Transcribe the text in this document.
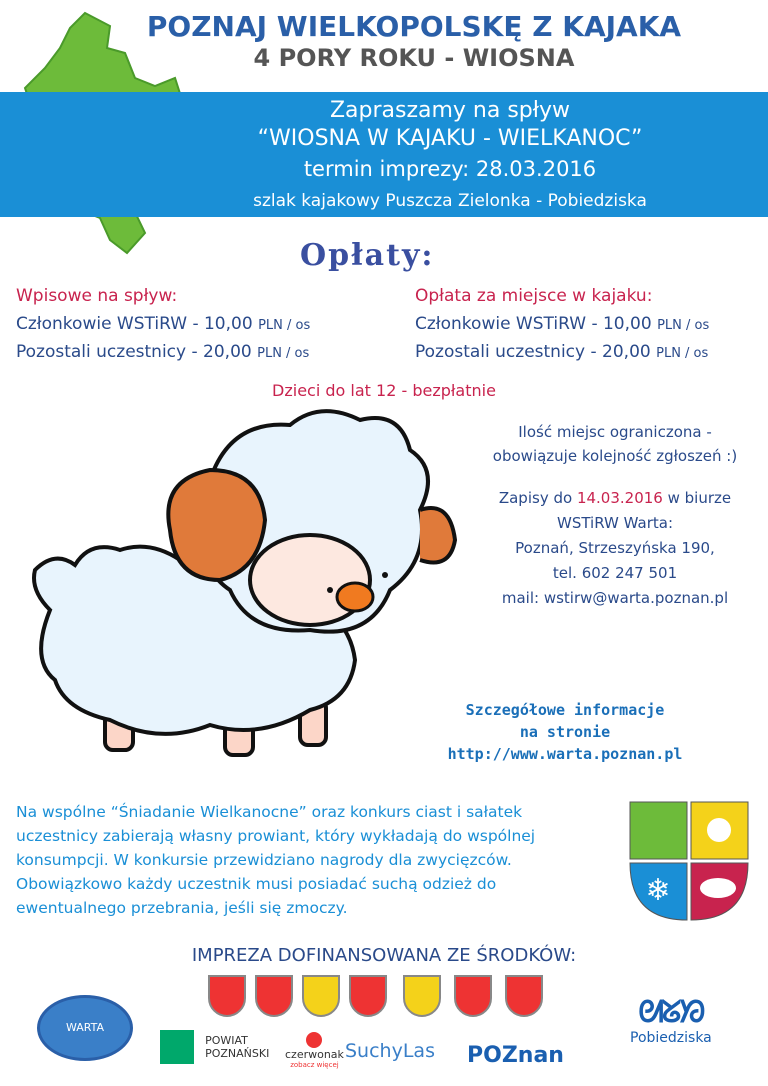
POZNAJ WIELKOPOLSKĘ Z KAJAKA
4 PORY ROKU - WIOSNA
Zapraszamy na spływ
“WIOSNA W KAJAKU - WIELKANOC”
termin imprezy: 28.03.2016
szlak kajakowy Puszcza Zielonka - Pobiedziska
Opłaty:
Wpisowe na spływ:
Członkowie WSTiRW - 10,00 PLN / os
Pozostali uczestnicy - 20,00 PLN / os
Opłata za miejsce w kajaku:
Członkowie WSTiRW - 10,00 PLN / os
Pozostali uczestnicy - 20,00 PLN / os
Dzieci do lat 12 - bezpłatnie
Ilość miejsc ograniczona -
obowiązuje kolejność zgłoszeń :)
Zapisy do 14.03.2016 w biurze
WSTiRW Warta:
Poznań, Strzeszyńska 190,
tel. 602 247 501
mail: wstirw@warta.poznan.pl
Szczegółowe informacje
na stronie
http://www.warta.poznan.pl
Na wspólne “Śniadanie Wielkanocne” oraz konkurs ciast i sałatek
uczestnicy zabierają własny prowiant, który wykładają do wspólnej
konsumpcji. W konkursie przewidziano nagrody dla zwycięzców.
Obowiązkowo każdy uczestnik musi posiadać suchą odzież do
ewentualnego przebrania, jeśli się zmoczy.	❄
IMPREZA DOFINANSOWANA ZE ŚRODKÓW:
WARTA

POWIAT
POZNAŃSKI czerwonak
zobacz więcej
SuchyLas POZnan
ᘛᘜᘞ
Pobiedziska
